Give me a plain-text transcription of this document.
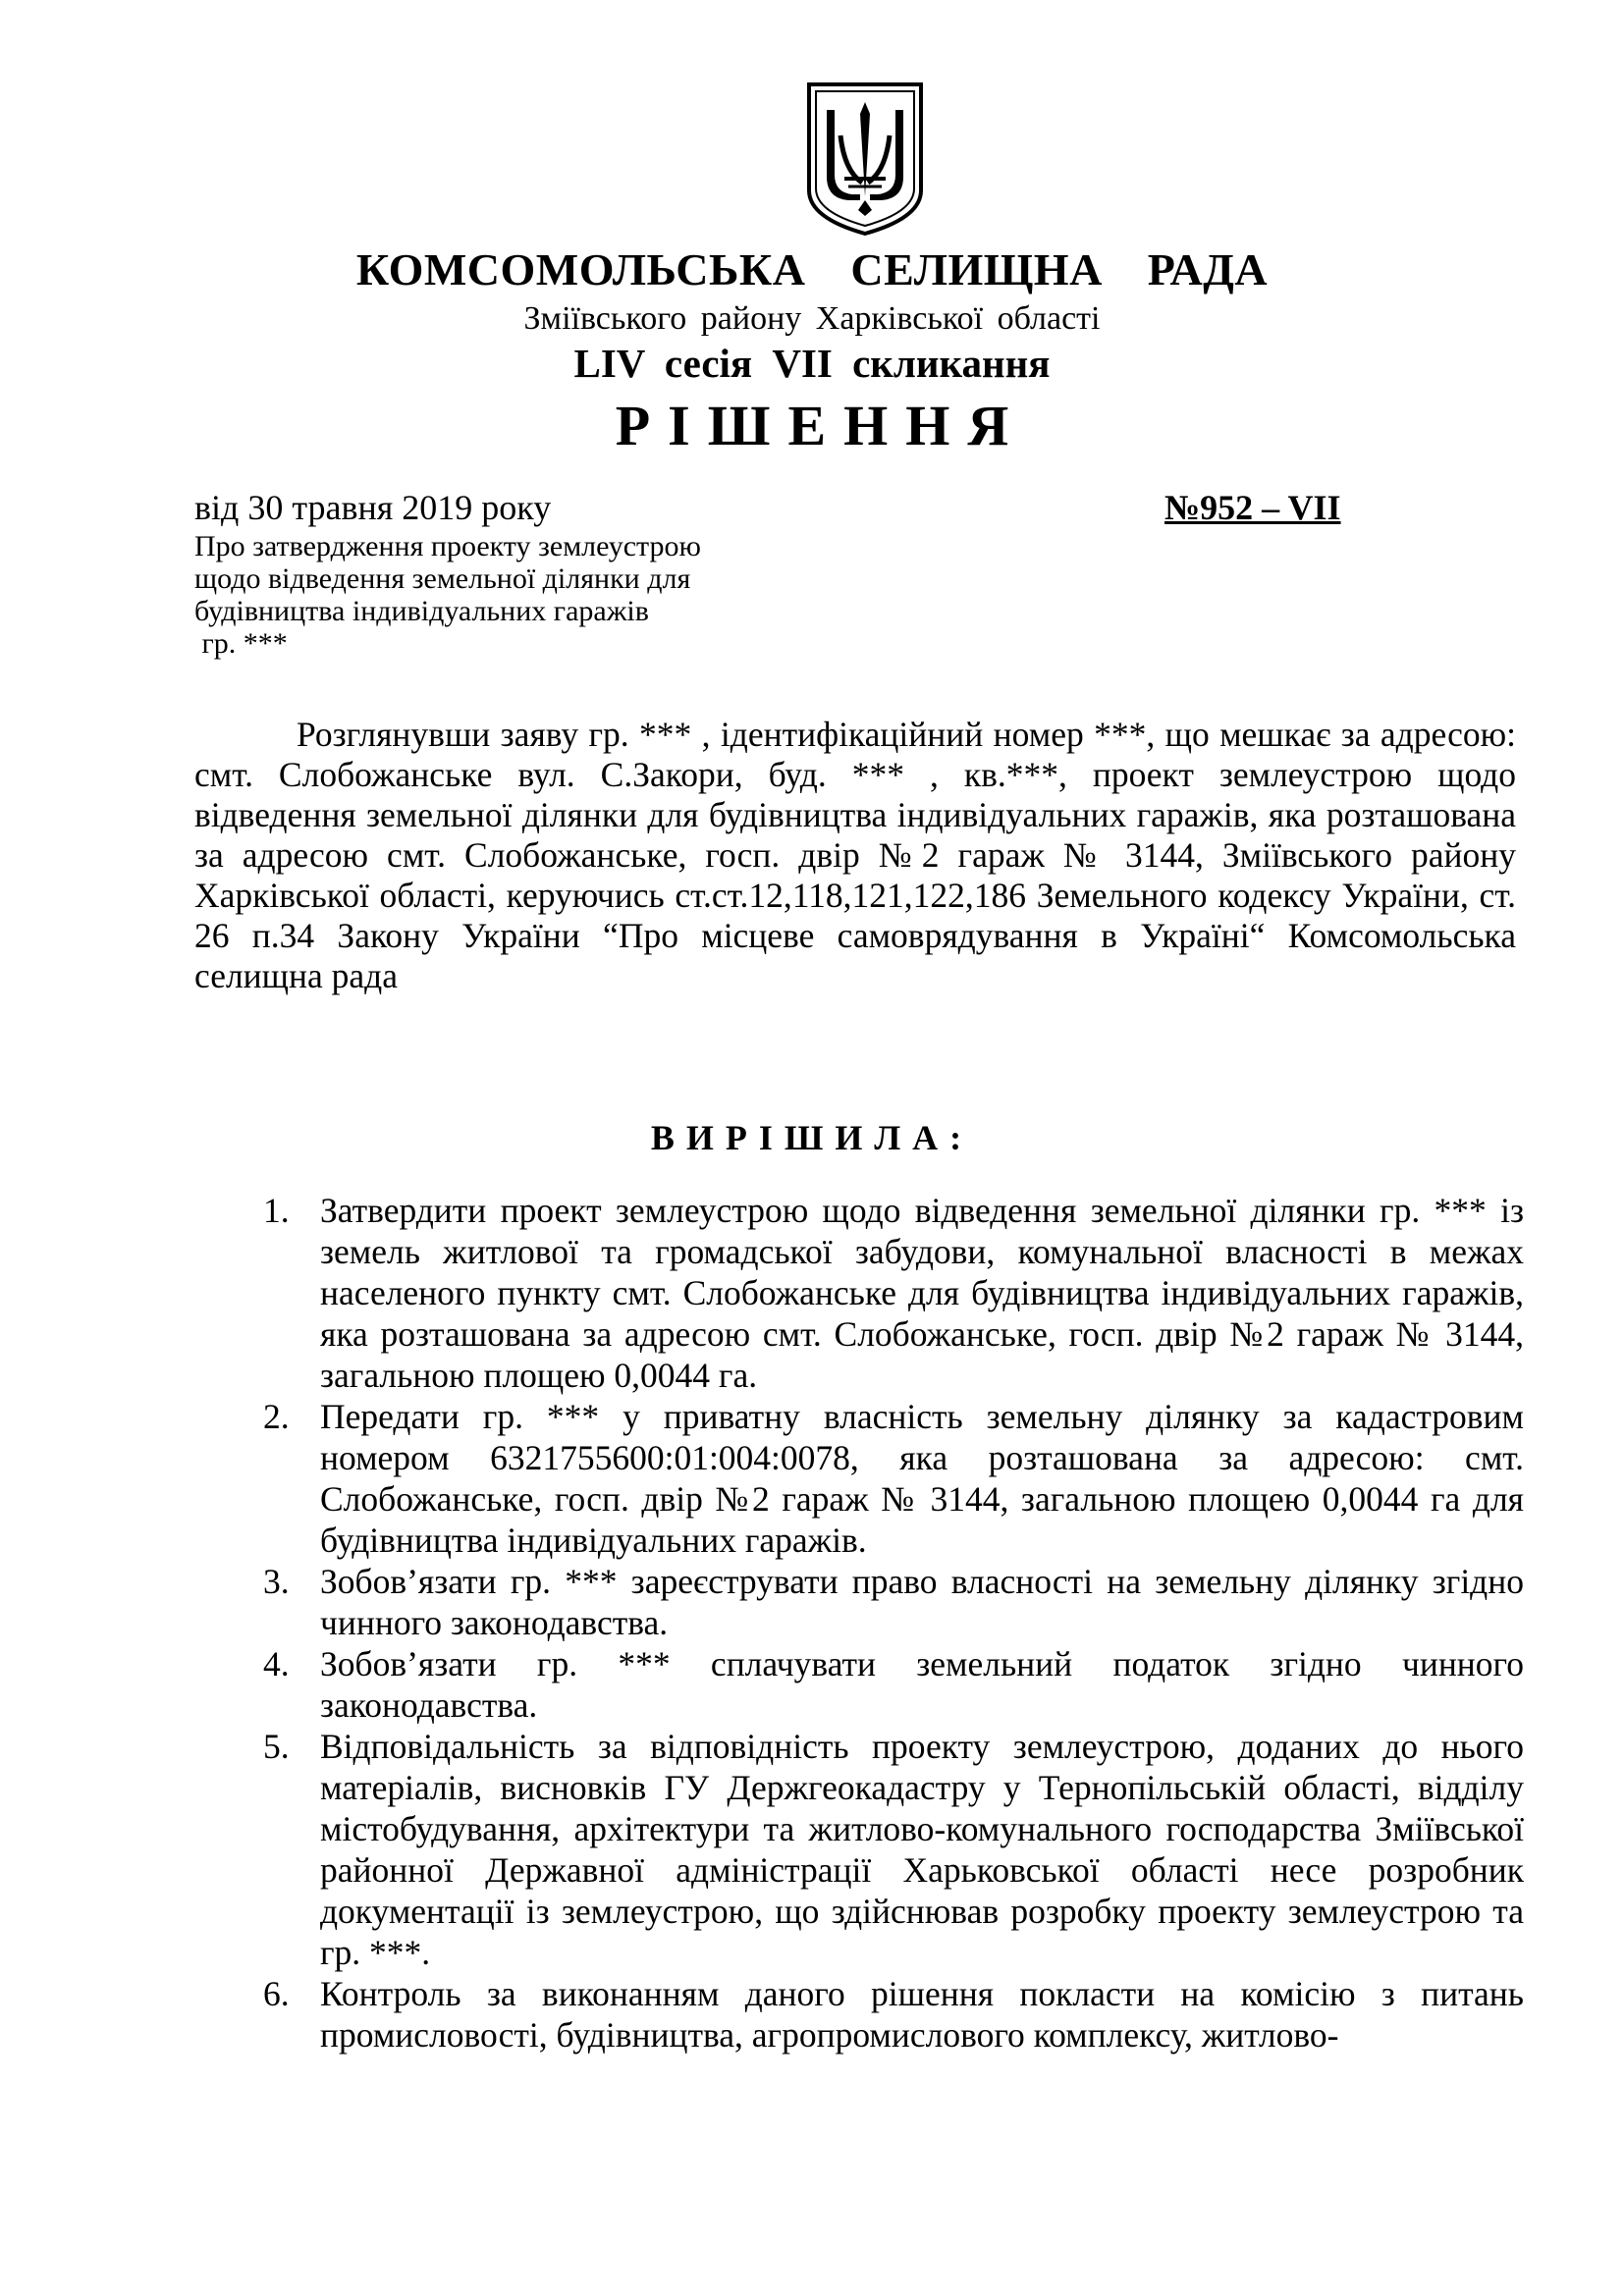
КОМСОМОЛЬСЬКА СЕЛИЩНА РАДА
Зміївського району Харківської області
LIV сесія VII скликання
РІШЕННЯ
від 30 травня 2019 року	№952 – VII
Про затвердження проекту землеустрою
щодо відведення земельної ділянки для
будівництва індивідуальних гаражів
гр. ***

Розглянувши заяву гр. *** , ідентифікаційний номер ***, що мешкає за адресою: смт. Слобожанське вул. С.Закори, буд. *** , кв.***, проект землеустрою щодо відведення земельної ділянки для будівництва індивідуальних гаражів, яка розташована за адресою смт. Слобожанське, госп. двір №2 гараж № 3144, Зміївського району Харківської області, керуючись ст.ст.12,118,121,122,186 Земельного кодексу України, ст. 26 п.34 Закону України “Про місцеве самоврядування в Україні“ Комсомольська селищна рада

ВИРІШИЛА:
1. Затвердити проект землеустрою щодо відведення земельної ділянки гр. *** із земель житлової та громадської забудови, комунальної власності в межах населеного пункту смт. Слобожанське для будівництва індивідуальних гаражів, яка розташована за адресою смт. Слобожанське, госп. двір №2 гараж № 3144, загальною площею 0,0044 га.
2. Передати гр. *** у приватну власність земельну ділянку за кадастровим номером 6321755600:01:004:0078, яка розташована за адресою: смт. Слобожанське, госп. двір №2 гараж № 3144, загальною площею 0,0044 га для будівництва індивідуальних гаражів.
3. Зобов’язати гр. *** зареєструвати право власності на земельну ділянку згідно чинного законодавства.
4. Зобов’язати гр. *** сплачувати земельний податок згідно чинного законодавства.
5. Відповідальність за відповідність проекту землеустрою, доданих до нього матеріалів, висновків ГУ Держгеокадастру у Тернопільській області, відділу містобудування, архітектури та житлово-комунального господарства Зміївської районної Державної адміністрації Харьковської області несе розробник документації із землеустрою, що здійснював розробку проекту землеустрою та гр. ***.
6. Контроль за виконанням даного рішення покласти на комісію з питань промисловості, будівництва, агропромислового комплексу, житлово-
